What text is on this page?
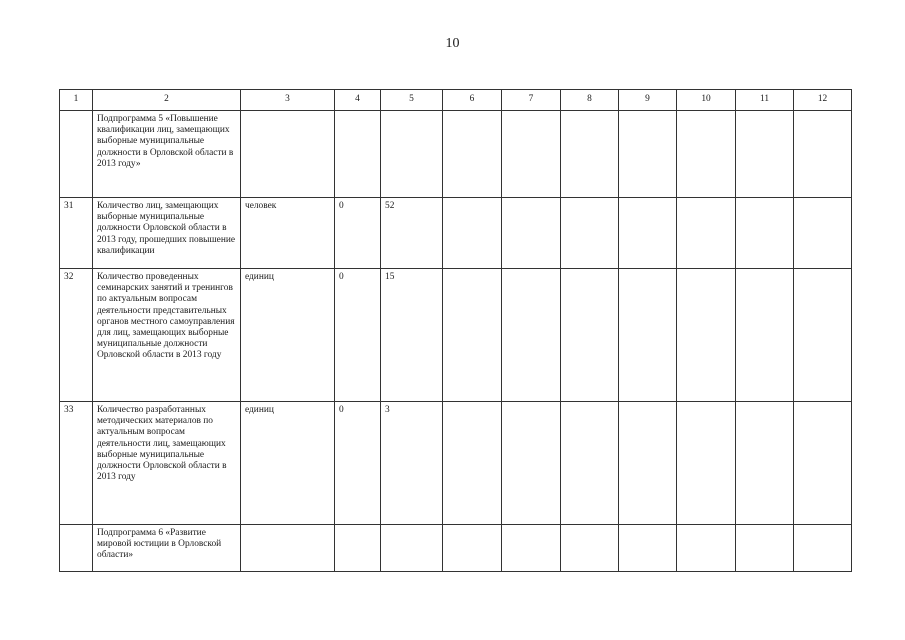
10
1	2	3	4	5	6	7	8	9	10	11	12
	Подпрограмма 5 «Повышение квалификации лиц, замещающих выборные муниципальные должности в Орловской области в 2013 году»										
31	Количество лиц, замещающих выборные муниципальные должности Орловской области в 2013 году, прошедших повышение квалификации	человек	0	52							
32	Количество проведенных семинарских занятий и тренингов по актуальным вопросам деятельности представительных органов местного самоуправления для лиц, замещающих выборные муниципальные должности Орловской области в 2013 году	единиц	0	15							
33	Количество разработанных методических материалов по актуальным вопросам деятельности лиц, замещающих выборные муниципальные должности Орловской области в 2013 году	единиц	0	3							
	Подпрограмма 6 «Развитие мировой юстиции в Орловской области»										
